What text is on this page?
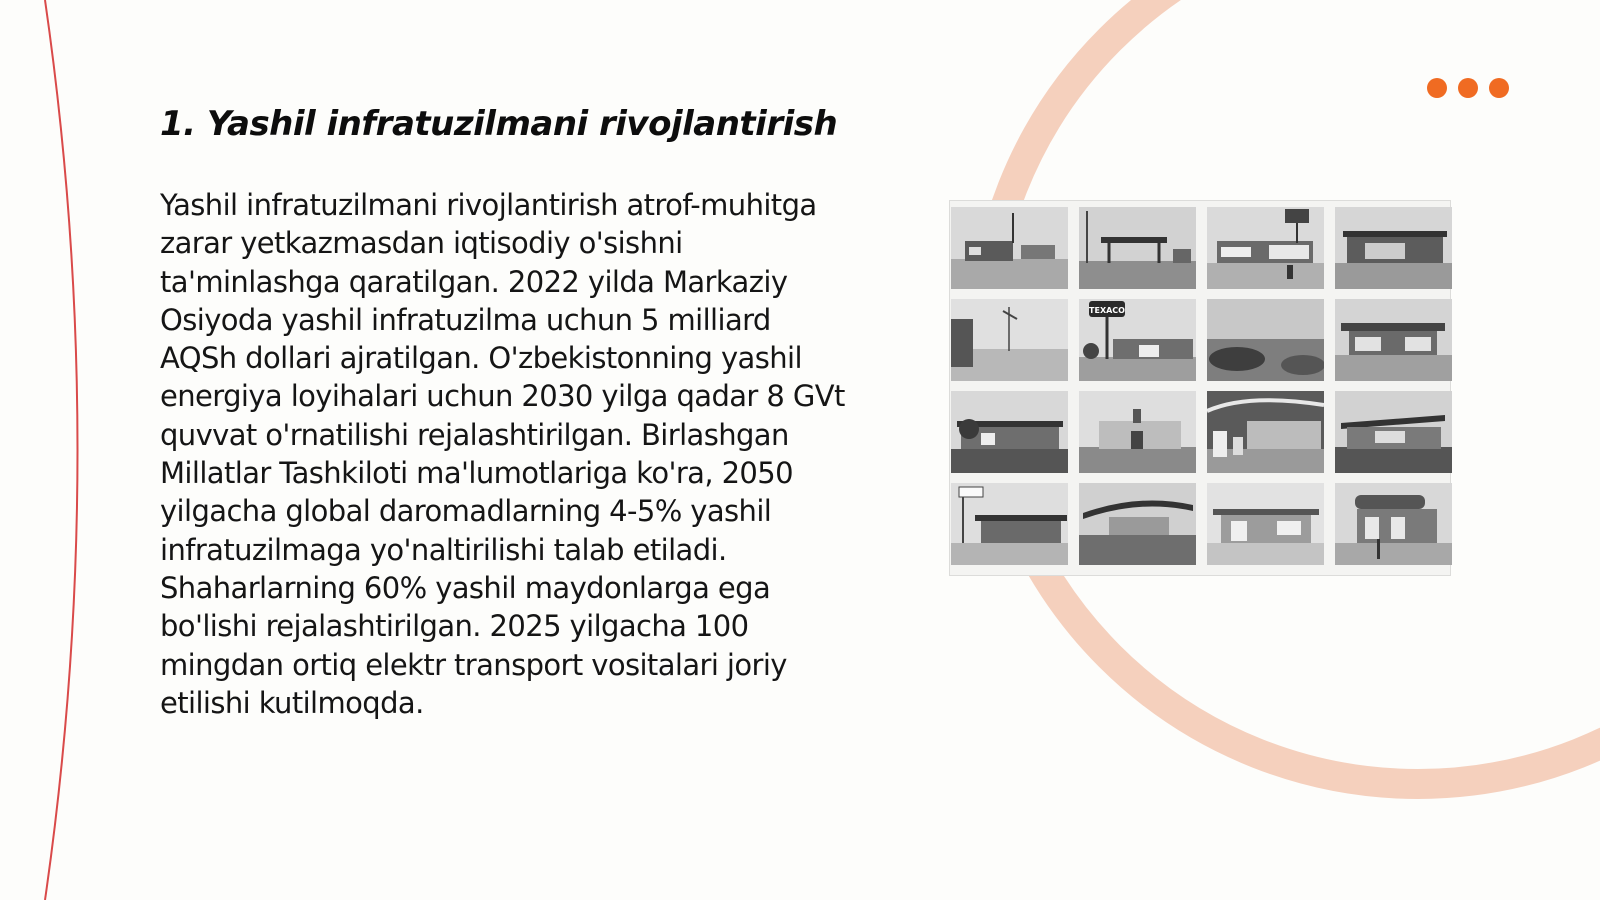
1. Yashil infratuzilmani rivojlantirish

Yashil infratuzilmani rivojlantirish atrof-muhitga zarar yetkazmasdan iqtisodiy o'sishni ta'minlashga qaratilgan. 2022 yilda Markaziy Osiyoda yashil infratuzilma uchun 5 milliard AQSh dollari ajratilgan. O'zbekistonning yashil energiya loyihalari uchun 2030 yilga qadar 8 GVt quvvat o'rnatilishi rejalashtirilgan. Birlashgan Millatlar Tashkiloti ma'lumotlariga ko'ra, 2050 yilgacha global daromadlarning 4-5% yashil infratuzilmaga yo'naltirilishi talab etiladi. Shaharlarning 60% yashil maydonlarga ega bo'lishi rejalashtirilgan. 2025 yilgacha 100 mingdan ortiq elektr transport vositalari joriy etilishi kutilmoqda.

TEXACO
